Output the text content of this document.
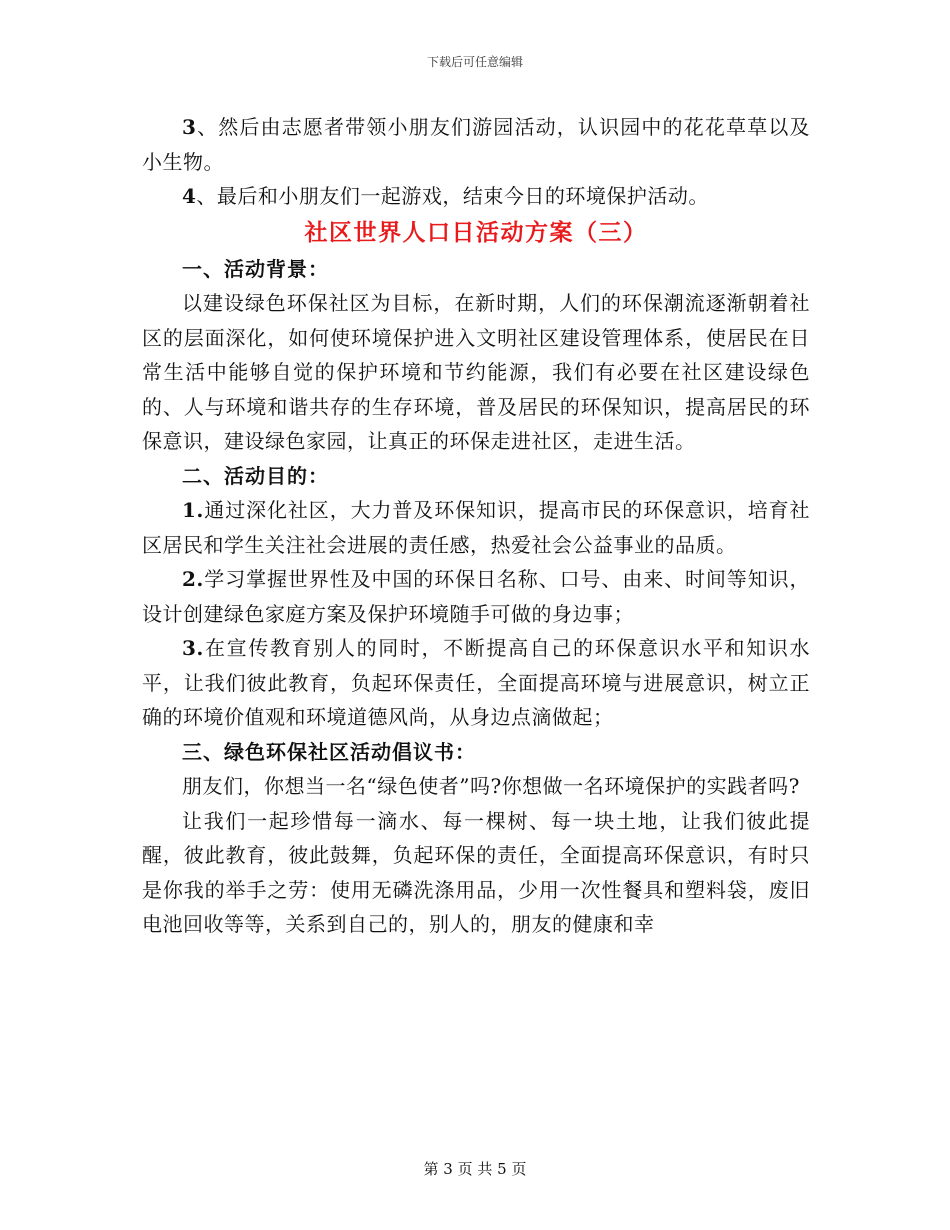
下载后可任意编辑

3、然后由志愿者带领小朋友们游园活动，认识园中的花花草草以及小生物。

4、最后和小朋友们一起游戏，结束今日的环境保护活动。

社区世界人口日活动方案（三）
一、活动背景：

以建设绿色环保社区为目标，在新时期，人们的环保潮流逐渐朝着社区的层面深化，如何使环境保护进入文明社区建设管理体系，使居民在日常生活中能够自觉的保护环境和节约能源，我们有必要在社区建设绿色的、人与环境和谐共存的生存环境，普及居民的环保知识，提高居民的环保意识，建设绿色家园，让真正的环保走进社区，走进生活。

二、活动目的：

1.通过深化社区，大力普及环保知识，提高市民的环保意识，培育社区居民和学生关注社会进展的责任感，热爱社会公益事业的品质。

2.学习掌握世界性及中国的环保日名称、口号、由来、时间等知识，设计创建绿色家庭方案及保护环境随手可做的身边事；

3.在宣传教育别人的同时，不断提高自己的环保意识水平和知识水平，让我们彼此教育，负起环保责任，全面提高环境与进展意识，树立正确的环境价值观和环境道德风尚，从身边点滴做起；

三、绿色环保社区活动倡议书：

朋友们，你想当一名“绿色使者”吗?你想做一名环境保护的实践者吗?

让我们一起珍惜每一滴水、每一棵树、每一块土地，让我们彼此提醒，彼此教育，彼此鼓舞，负起环保的责任，全面提高环保意识，有时只是你我的举手之劳：使用无磷洗涤用品，少用一次性餐具和塑料袋，废旧电池回收等等，关系到自己的，别人的，朋友的健康和幸

第 3 页 共 5 页
